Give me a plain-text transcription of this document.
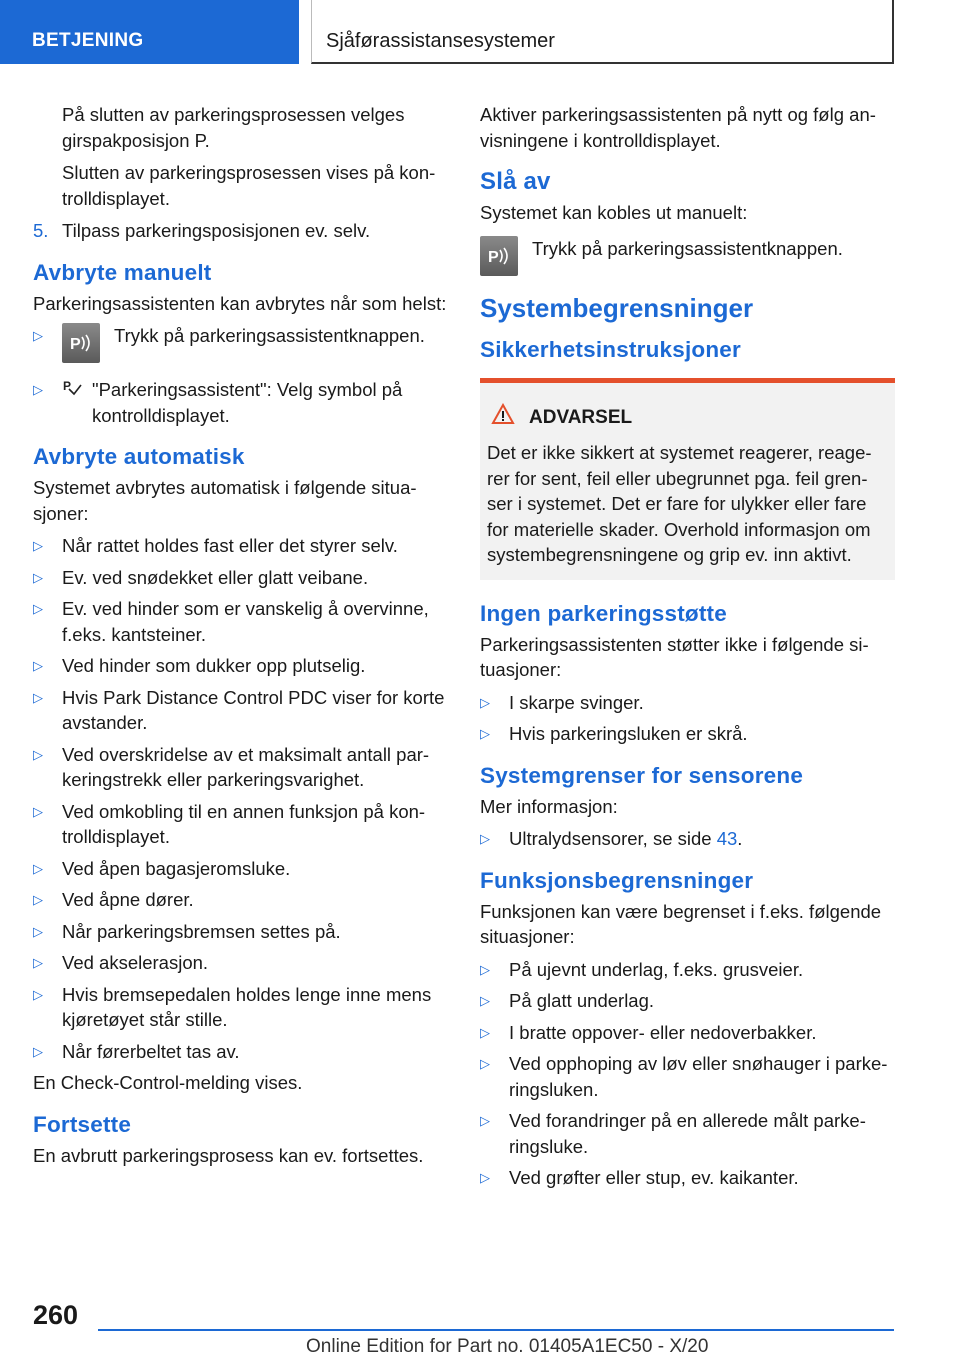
BETJENING	Sjåførassistansesystemer

På slutten av parkeringsprosessen velges girspakposisjon P.

Slutten av parkeringsprosessen vises på kontrolldisplayet.

5. Tilpass parkeringsposisjonen ev. selv.
Avbryte manuelt

Parkeringsassistenten kan avbrytes når som helst:

▷
P Trykk på parkeringsassistentknappen.
▷	P "Parkeringsassistent": Velg symbol på kontrolldisplayet.
Avbryte automatisk

Systemet avbrytes automatisk i følgende situasjoner:

▷	Når rattet holdes fast eller det styrer selv.
▷	Ev. ved snødekket eller glatt veibane.
▷	Ev. ved hinder som er vanskelig å overvinne, f.eks. kantsteiner.
▷	Ved hinder som dukker opp plutselig.
▷	Hvis Park Distance Control PDC viser for korte avstander.
▷	Ved overskridelse av et maksimalt antall parkeringstrekk eller parkeringsvarighet.
▷	Ved omkobling til en annen funksjon på kontrolldisplayet.
▷	Ved åpen bagasjeromsluke.
▷	Ved åpne dører.
▷	Når parkeringsbremsen settes på.
▷	Ved akselerasjon.
▷	Hvis bremsepedalen holdes lenge inne mens kjøretøyet står stille.
▷	Når førerbeltet tas av.

En Check-Control-melding vises.

Fortsette

En avbrutt parkeringsprosess kan ev. fortsettes.

Aktiver parkeringsassistenten på nytt og følg anvisningene i kontrolldisplayet.

Slå av

Systemet kan kobles ut manuelt:

P Trykk på parkeringsassistentknappen.
Systembegrensninger
Sikkerhetsinstruksjoner
ADVARSEL
Det er ikke sikkert at systemet reagerer, reagerer for sent, feil eller ubegrunnet pga. feil grenser i systemet. Det er fare for ulykker eller fare for materielle skader. Overhold informasjon om systembegrensningene og grip ev. inn aktivt.
Ingen parkeringsstøtte

Parkeringsassistenten støtter ikke i følgende situasjoner:

▷	I skarpe svinger.
▷	Hvis parkeringsluken er skrå.
Systemgrenser for sensorene

Mer informasjon:

▷	Ultralydsensorer, se side 43.
Funksjonsbegrensninger

Funksjonen kan være begrenset i f.eks. følgende situasjoner:

▷	På ujevnt underlag, f.eks. grusveier.
▷	På glatt underlag.
▷	I bratte oppover- eller nedoverbakker.
▷	Ved opphoping av løv eller snøhauger i parkeringsluken.
▷	Ved forandringer på en allerede målt parkeringsluke.
▷	Ved grøfter eller stup, ev. kaikanter.
260
Online Edition for Part no. 01405A1EC50 - X/20
